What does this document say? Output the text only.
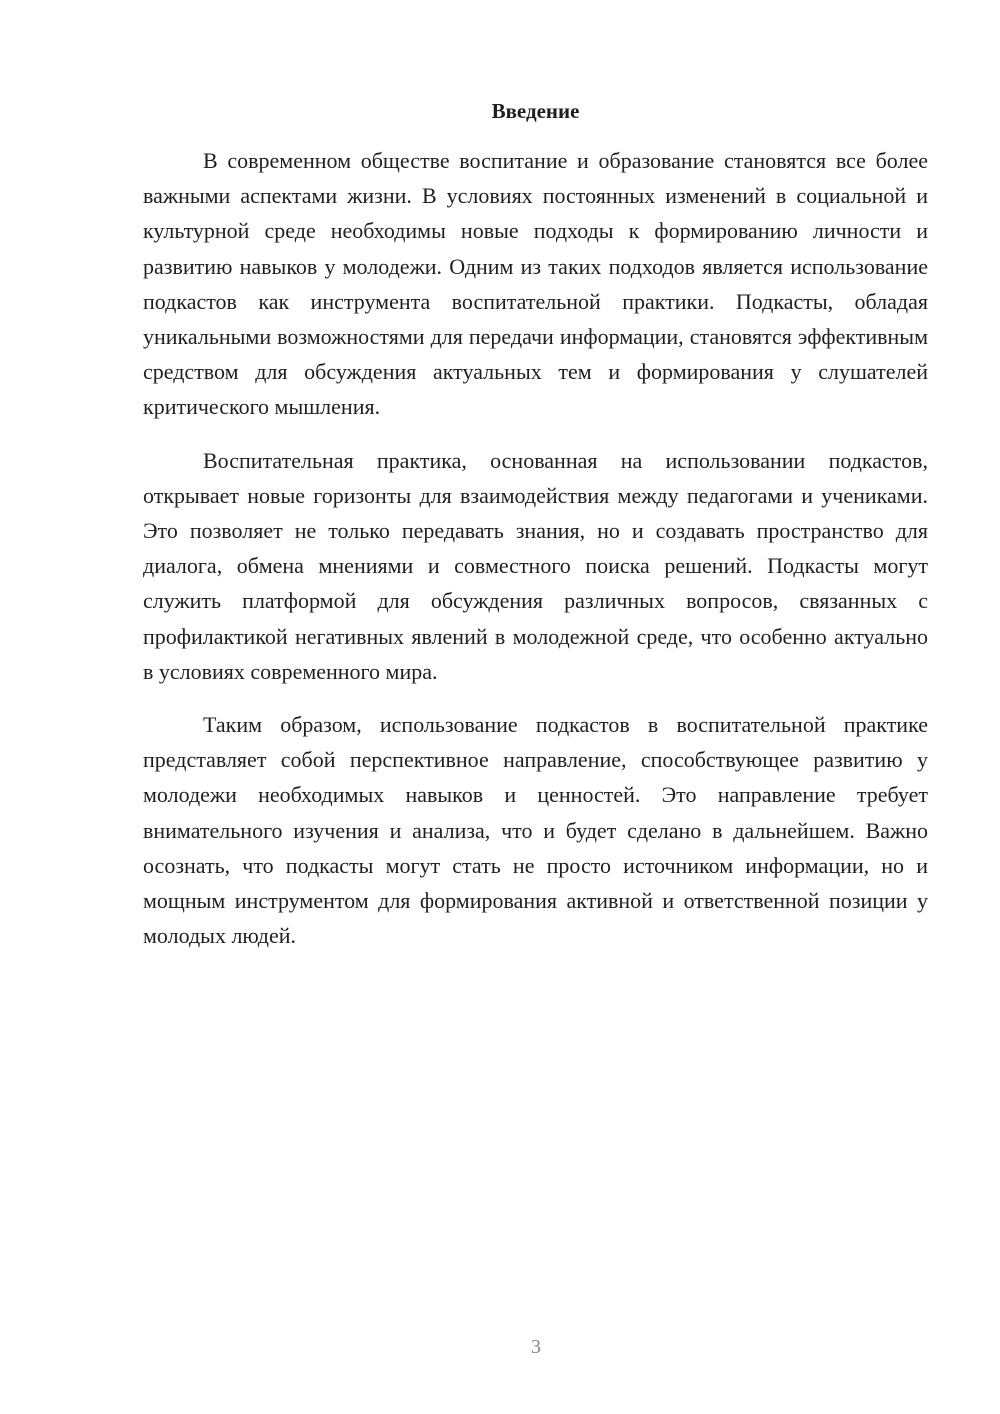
Введение

В современном обществе воспитание и образование становятся все более важными аспектами жизни. В условиях постоянных изменений в социальной и культурной среде необходимы новые подходы к формированию личности и развитию навыков у молодежи. Одним из таких подходов является использование подкастов как инструмента воспитательной практики. Подкасты, обладая уникальными возможностями для передачи информации, становятся эффективным средством для обсуждения актуальных тем и формирования у слушателей критического мышления.

Воспитательная практика, основанная на использовании подкастов, открывает новые горизонты для взаимодействия между педагогами и учениками. Это позволяет не только передавать знания, но и создавать пространство для диалога, обмена мнениями и совместного поиска решений. Подкасты могут служить платформой для обсуждения различных вопросов, связанных с профилактикой негативных явлений в молодежной среде, что особенно актуально в условиях современного мира.

Таким образом, использование подкастов в воспитательной практике представляет собой перспективное направление, способствующее развитию у молодежи необходимых навыков и ценностей. Это направление требует внимательного изучения и анализа, что и будет сделано в дальнейшем. Важно осознать, что подкасты могут стать не просто источником информации, но и мощным инструментом для формирования активной и ответственной позиции у молодых людей.

3
